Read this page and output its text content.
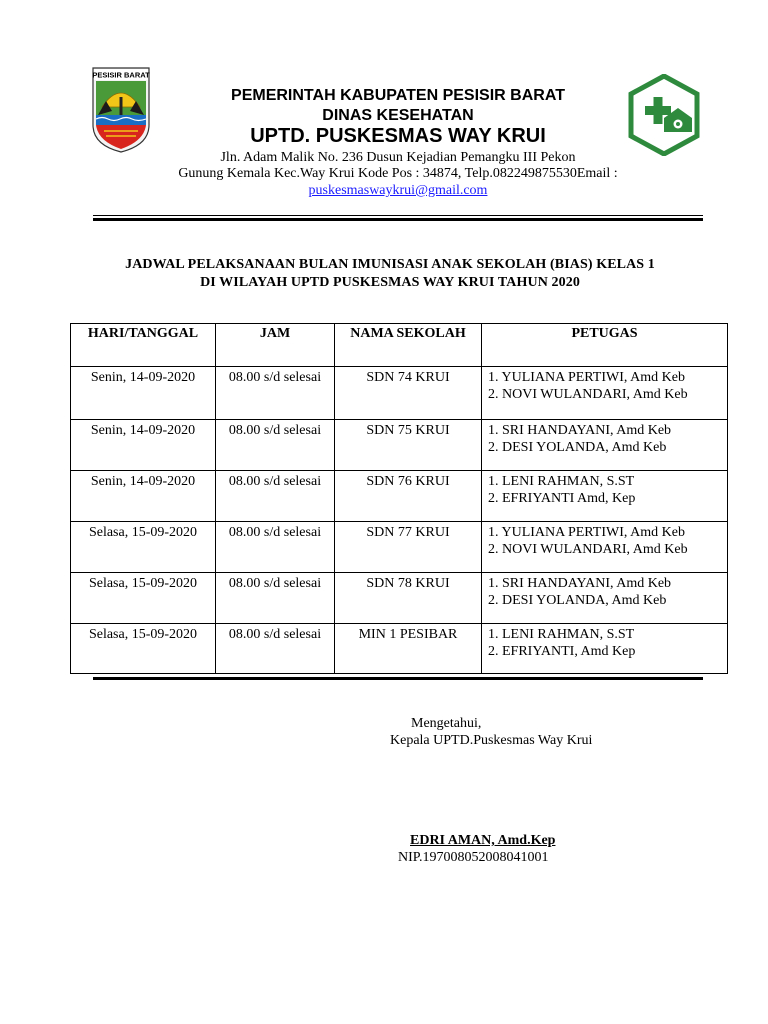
PESISIR BARAT
PEMERINTAH KABUPATEN PESISIR BARAT
DINAS KESEHATAN
UPTD. PUSKESMAS WAY KRUI
Jln. Adam Malik No. 236 Dusun Kejadian Pemangku III Pekon
Gunung Kemala Kec.Way Krui Kode Pos : 34874, Telp.082249875530Email :
puskesmaswaykrui@gmail.com
JADWAL PELAKSANAAN BULAN IMUNISASI ANAK SEKOLAH (BIAS) KELAS 1
DI WILAYAH UPTD PUSKESMAS WAY KRUI TAHUN 2020
HARI/TANGGAL	JAM	NAMA SEKOLAH	PETUGAS
Senin, 14-09-2020	08.00 s/d selesai	SDN 74 KRUI	1. YULIANA PERTIWI, Amd Keb
2. NOVI WULANDARI, Amd Keb

Senin, 14-09-2020	08.00 s/d selesai	SDN 75 KRUI	1. SRI HANDAYANI, Amd Keb
2. DESI YOLANDA, Amd Keb

Senin, 14-09-2020	08.00 s/d selesai	SDN 76 KRUI	1. LENI RAHMAN, S.ST
2. EFRIYANTI Amd, Kep

Selasa, 15-09-2020	08.00 s/d selesai	SDN 77 KRUI	1. YULIANA PERTIWI, Amd Keb
2. NOVI WULANDARI, Amd Keb

Selasa, 15-09-2020	08.00 s/d selesai	SDN 78 KRUI	1. SRI HANDAYANI, Amd Keb
2. DESI YOLANDA, Amd Keb

Selasa, 15-09-2020	08.00 s/d selesai	MIN 1 PESIBAR	1. LENI RAHMAN, S.ST
2. EFRIYANTI, Amd Kep
Mengetahui,
Kepala UPTD.Puskesmas Way Krui
EDRI AMAN, Amd.Kep
NIP.197008052008041001
